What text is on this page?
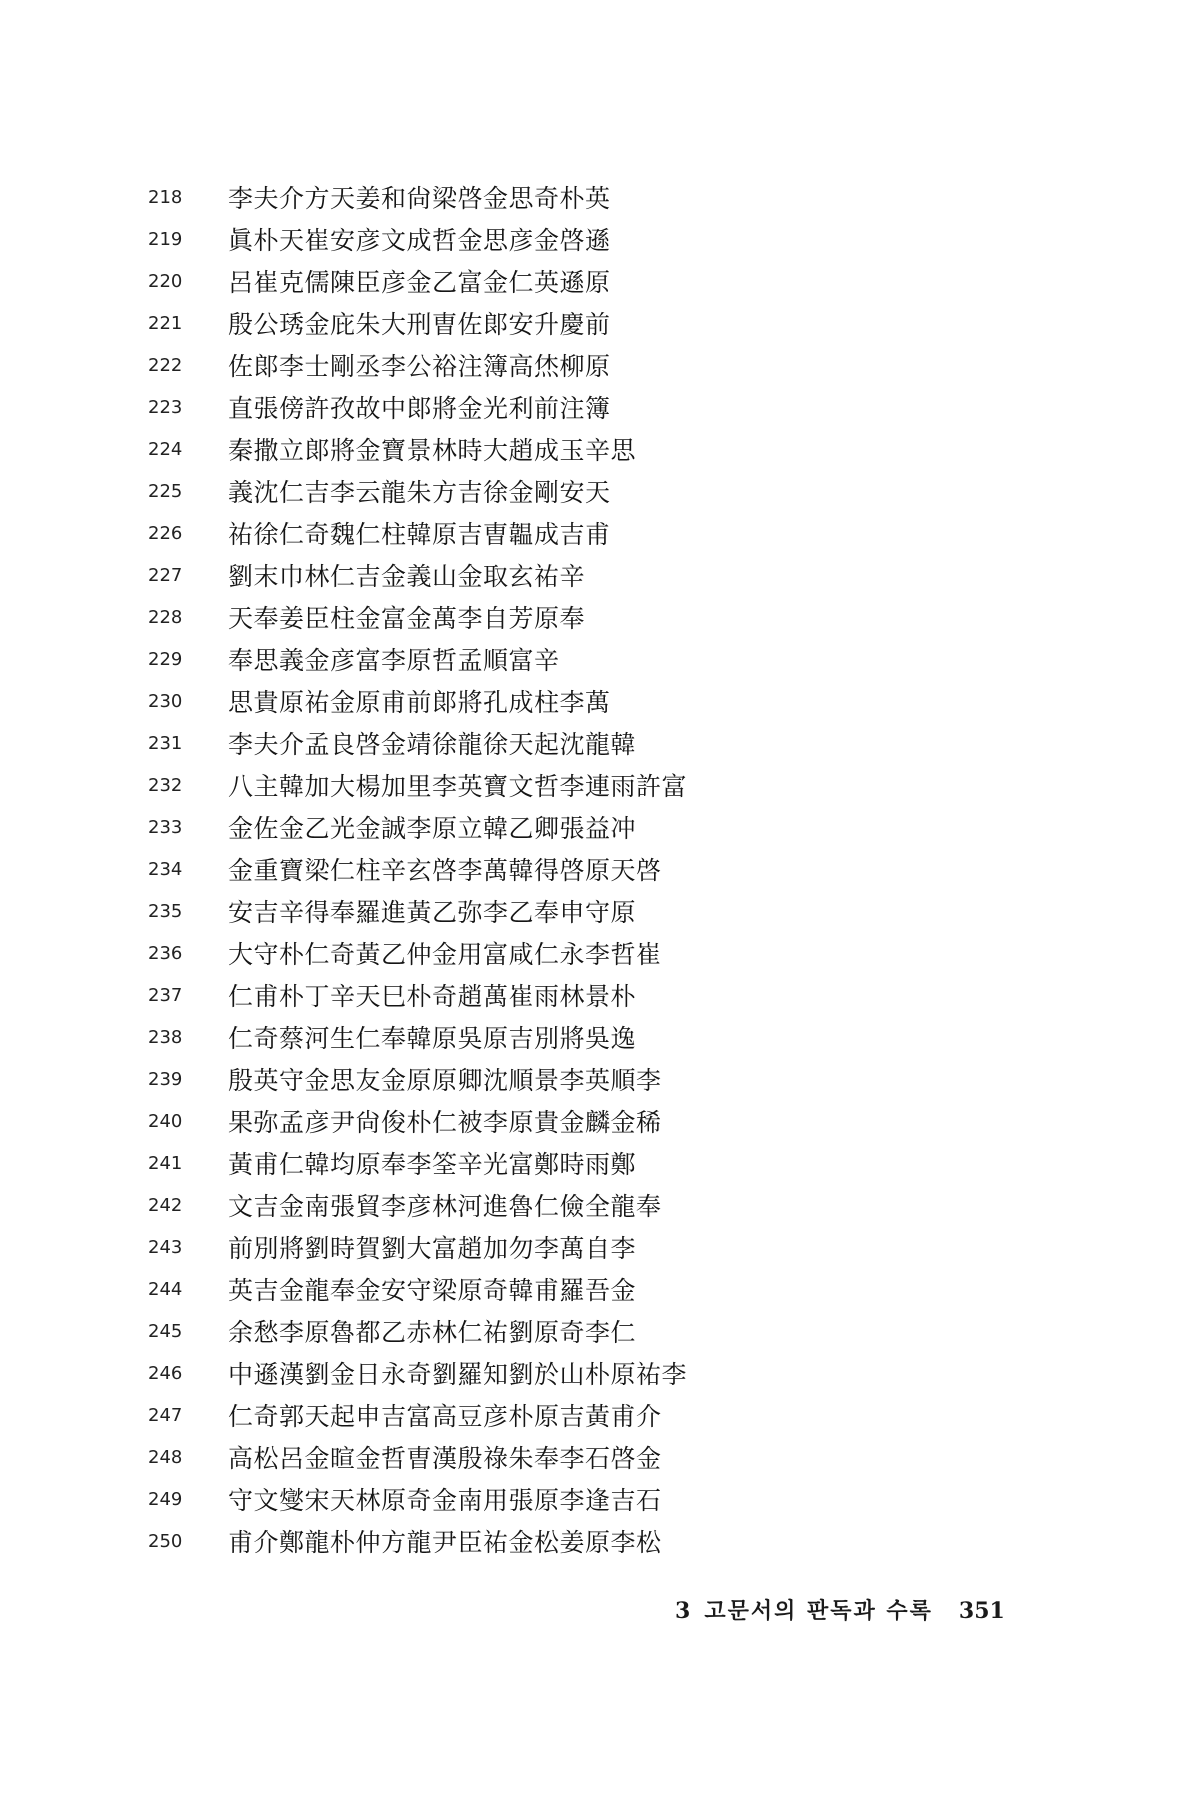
218	李夫介方天姜和尙梁啓金思奇朴英
219	眞朴天崔安彦文成哲金思彦金啓遜
220	呂崔克儒陳臣彦金乙富金仁英遜原
221	殷公琇金庇朱大刑曺佐郞安升慶前
222	佐郞李士剛丞李公裕注簿高烋柳原
223	直張傍許孜故中郞將金光利前注簿
224	秦撒立郞將金寶景林時大趙成玉辛思
225	義沈仁吉李云龍朱方吉徐金剛安天
226	祐徐仁奇魏仁柱韓原吉曺韞成吉甫
227	劉末巾林仁吉金義山金取玄祐辛
228	天奉姜臣柱金富金萬李自芳原奉
229	奉思義金彦富李原哲孟順富辛
230	思貴原祐金原甫前郞將孔成柱李萬
231	李夫介孟良啓金靖徐龍徐天起沈龍韓
232	八主韓加大楊加里李英寶文哲李連雨許富
233	金佐金乙光金誠李原立韓乙卿張益冲
234	金重寶梁仁柱辛玄啓李萬韓得啓原天啓
235	安吉辛得奉羅進黃乙弥李乙奉申守原
236	大守朴仁奇黃乙仲金用富咸仁永李哲崔
237	仁甫朴丁辛天巳朴奇趙萬崔雨林景朴
238	仁奇蔡河生仁奉韓原吳原吉別將吳逸
239	殷英守金思友金原原卿沈順景李英順李
240	果弥孟彦尹尙俊朴仁被李原貴金麟金稀
241	黃甫仁韓均原奉李筌辛光富鄭時雨鄭
242	文吉金南張貿李彦林河進魯仁儉全龍奉
243	前別將劉時賀劉大富趙加勿李萬自李
244	英吉金龍奉金安守梁原奇韓甫羅吾金
245	余愁李原魯都乙赤林仁祐劉原奇李仁
246	中遜漢劉金日永奇劉羅知劉於山朴原祐李
247	仁奇郭天起申吉富高豆彦朴原吉黃甫介
248	高松呂金暄金哲曺漢殷祿朱奉李石啓金
249	守文燮宋天林原奇金南用張原李逢吉石
250	甫介鄭龍朴仲方龍尹臣祐金松姜原李松
3 고문서의 판독과 수록 351
